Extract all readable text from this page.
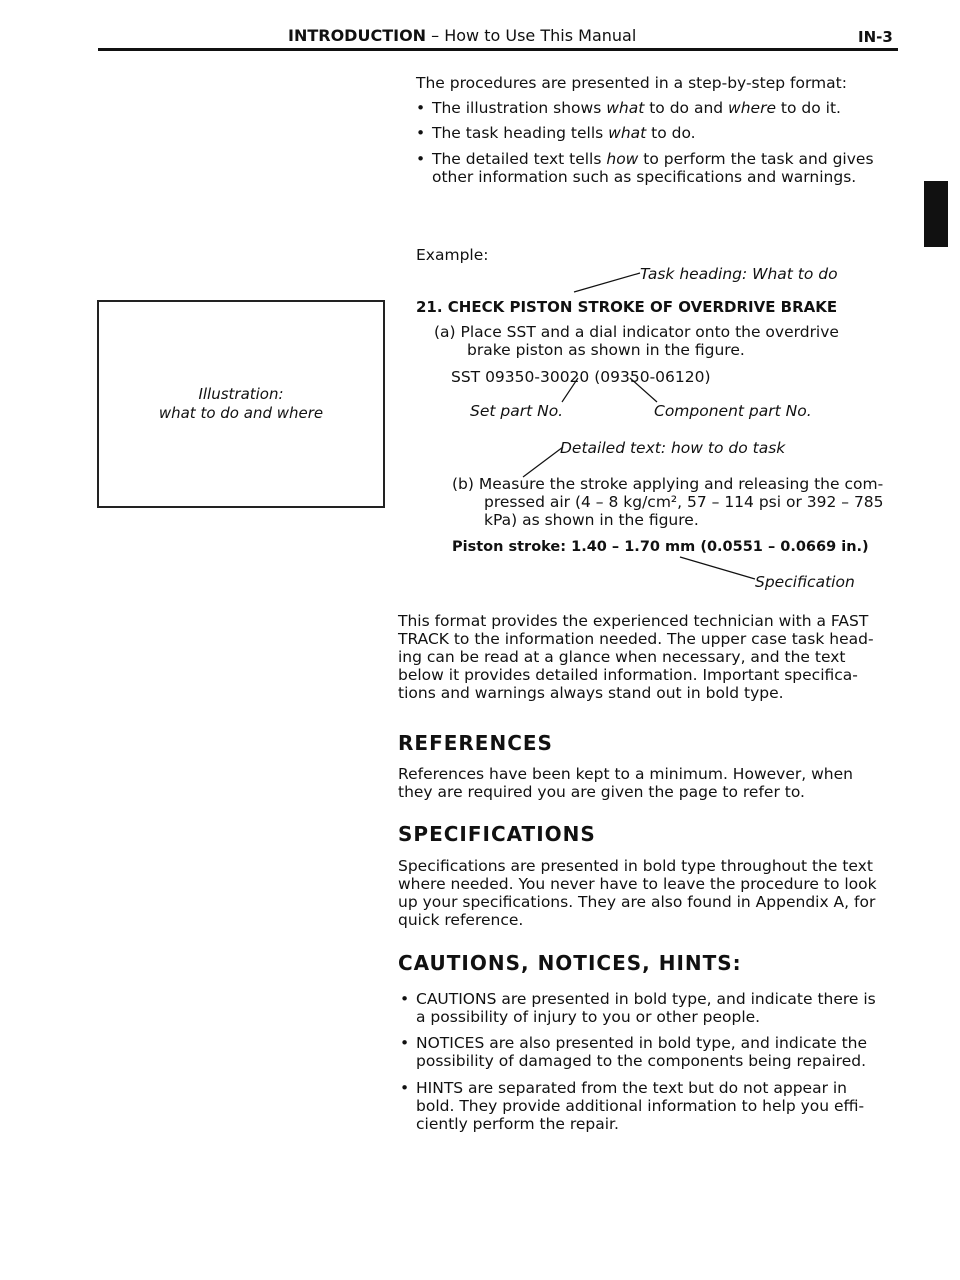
INTRODUCTION – How to Use This Manual	IN-3
Illustration:
what to do and where
The procedures are presented in a step-by-step format:
• The illustration shows what to do and where to do it.
• The task heading tells what to do.
• The detailed text tells how to perform the task and gives
other information such as specifications and warnings.
Example:
Task heading: What to do
21. CHECK PISTON STROKE OF OVERDRIVE BRAKE
(a) Place SST and a dial indicator onto the overdrive
brake piston as shown in the figure.
SST 09350-30020 (09350-06120)
Set part No.	Component part No.
Detailed text: how to do task
(b) Measure the stroke applying and releasing the com-
pressed air (4 – 8 kg/cm², 57 – 114 psi or 392 – 785
kPa) as shown in the figure.
Piston stroke: 1.40 – 1.70 mm (0.0551 – 0.0669 in.)
Specification
This format provides the experienced technician with a FAST
TRACK to the information needed. The upper case task head-
ing can be read at a glance when necessary, and the text
below it provides detailed information. Important specifica-
tions and warnings always stand out in bold type.
REFERENCES
References have been kept to a minimum. However, when
they are required you are given the page to refer to.
SPECIFICATIONS
Specifications are presented in bold type throughout the text
where needed. You never have to leave the procedure to look
up your specifications. They are also found in Appendix A, for
quick reference.
CAUTIONS, NOTICES, HINTS:
• CAUTIONS are presented in bold type, and indicate there is
a possibility of injury to you or other people.
• NOTICES are also presented in bold type, and indicate the
possibility of damaged to the components being repaired.
• HINTS are separated from the text but do not appear in
bold. They provide additional information to help you effi-
ciently perform the repair.
